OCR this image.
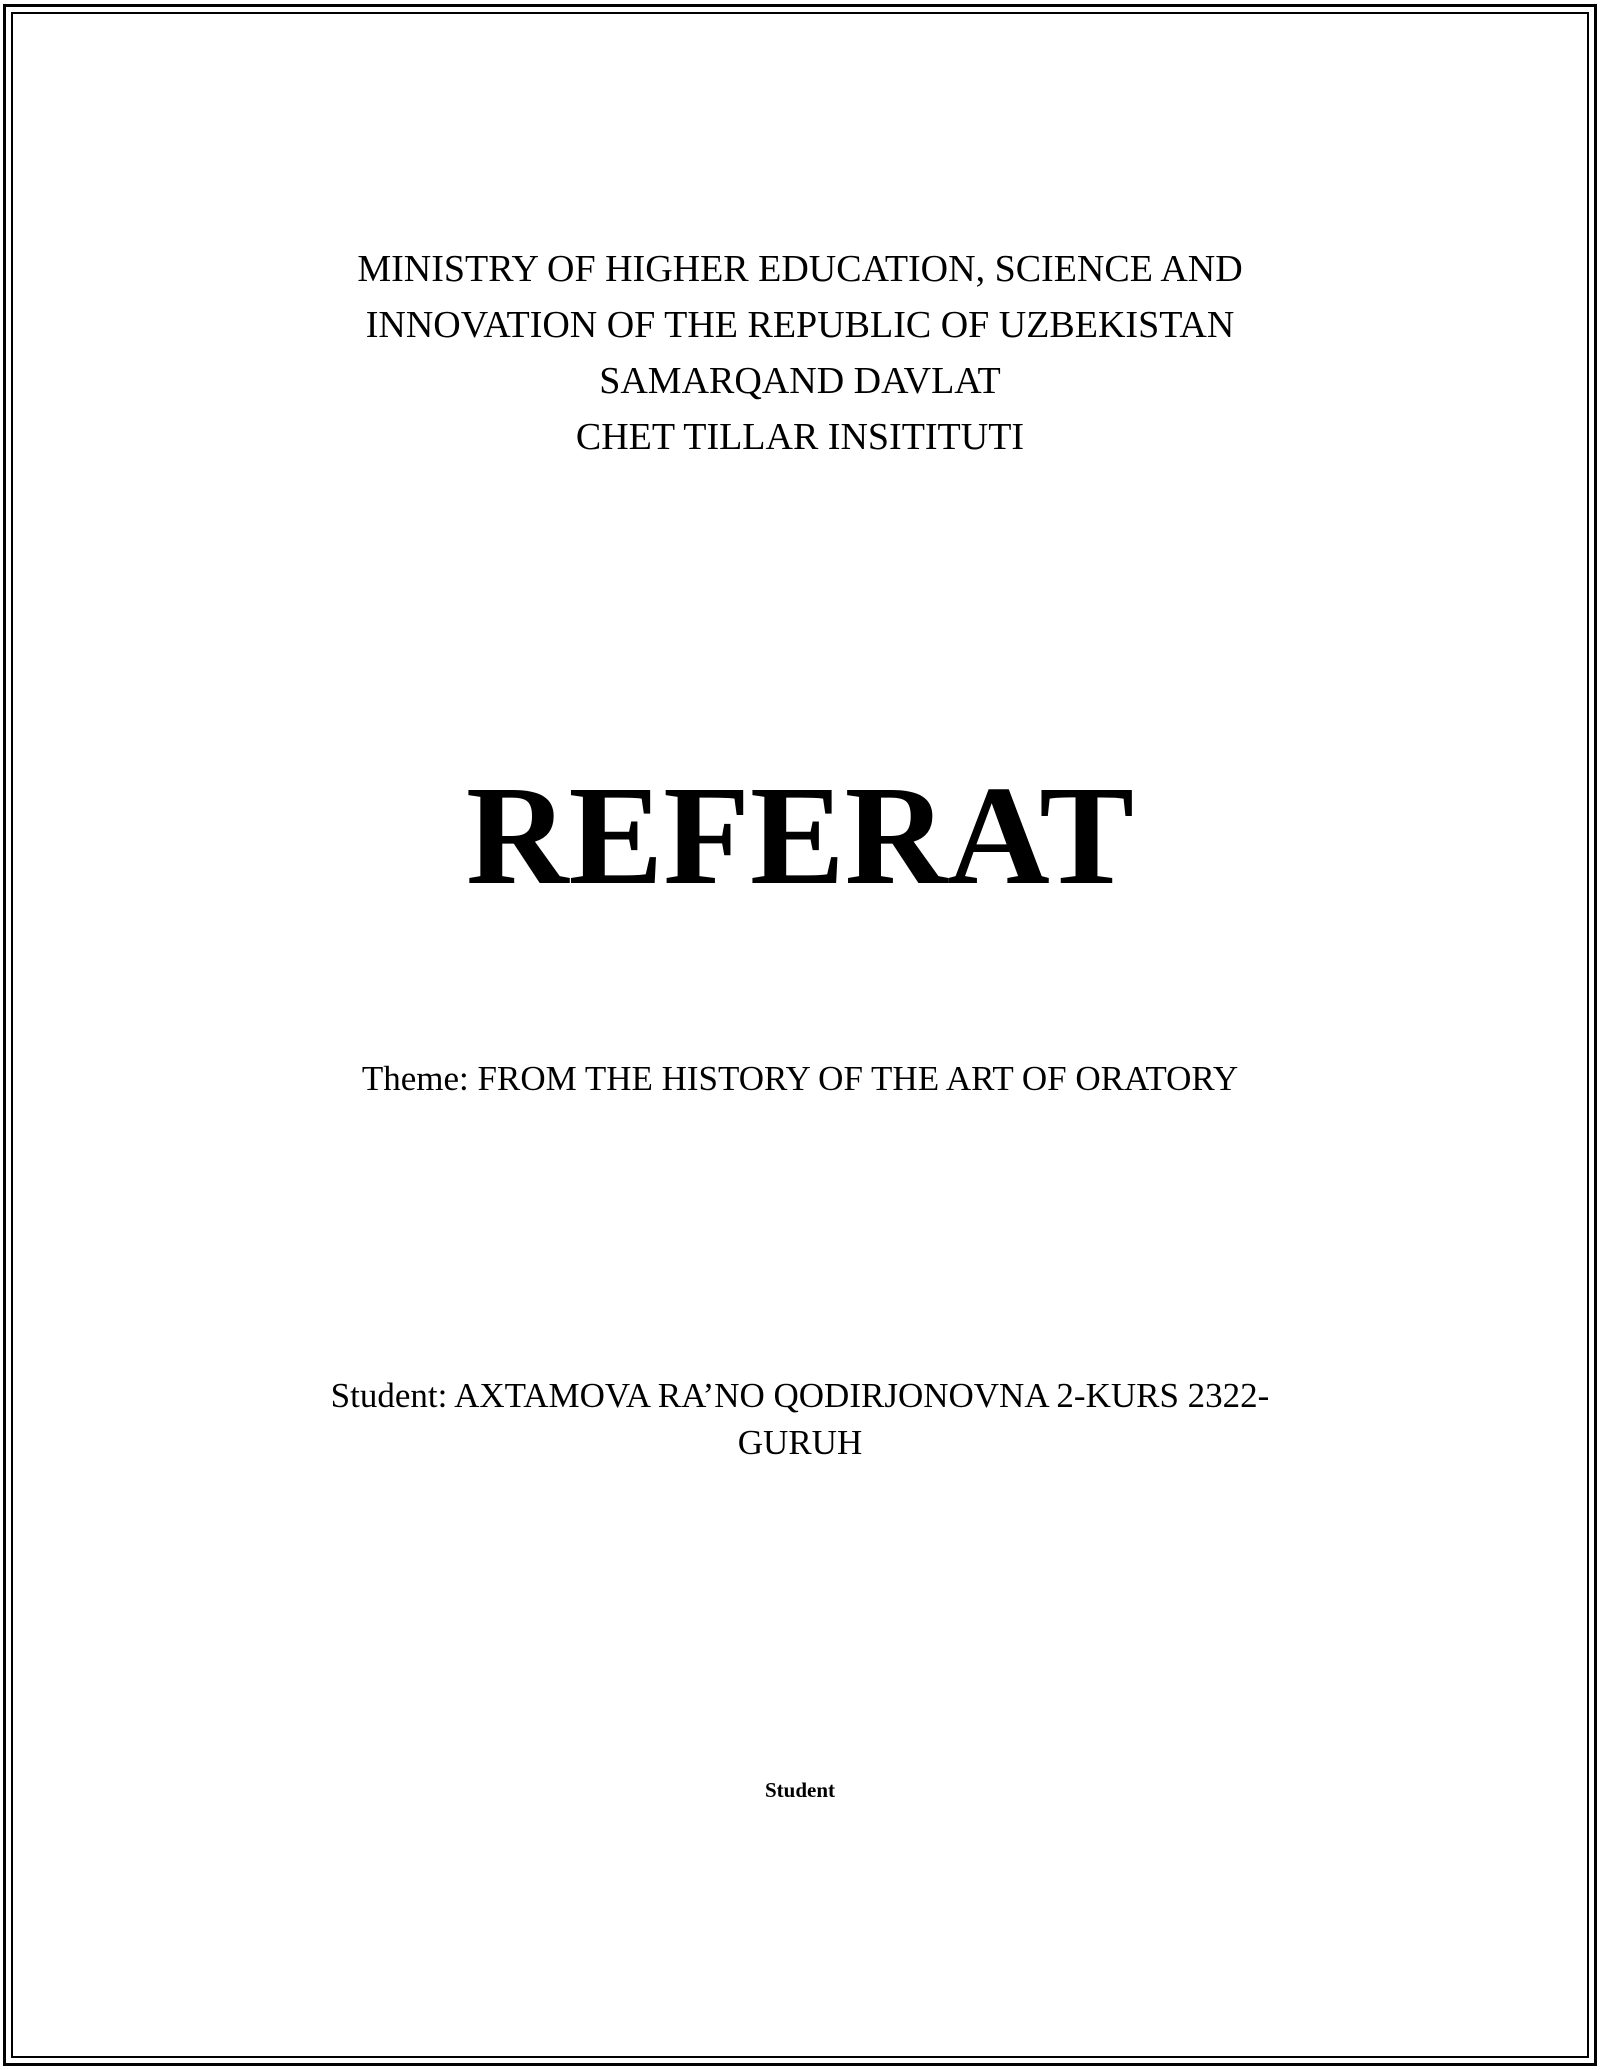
MINISTRY OF HIGHER EDUCATION, SCIENCE AND
INNOVATION OF THE REPUBLIC OF UZBEKISTAN
SAMARQAND DAVLAT
CHET TILLAR INSITITUTI
REFERAT
Theme: FROM THE HISTORY OF THE ART OF ORATORY
Student: AXTAMOVA RA’NO QODIRJONOVNA 2-KURS 2322-GURUH
Student
